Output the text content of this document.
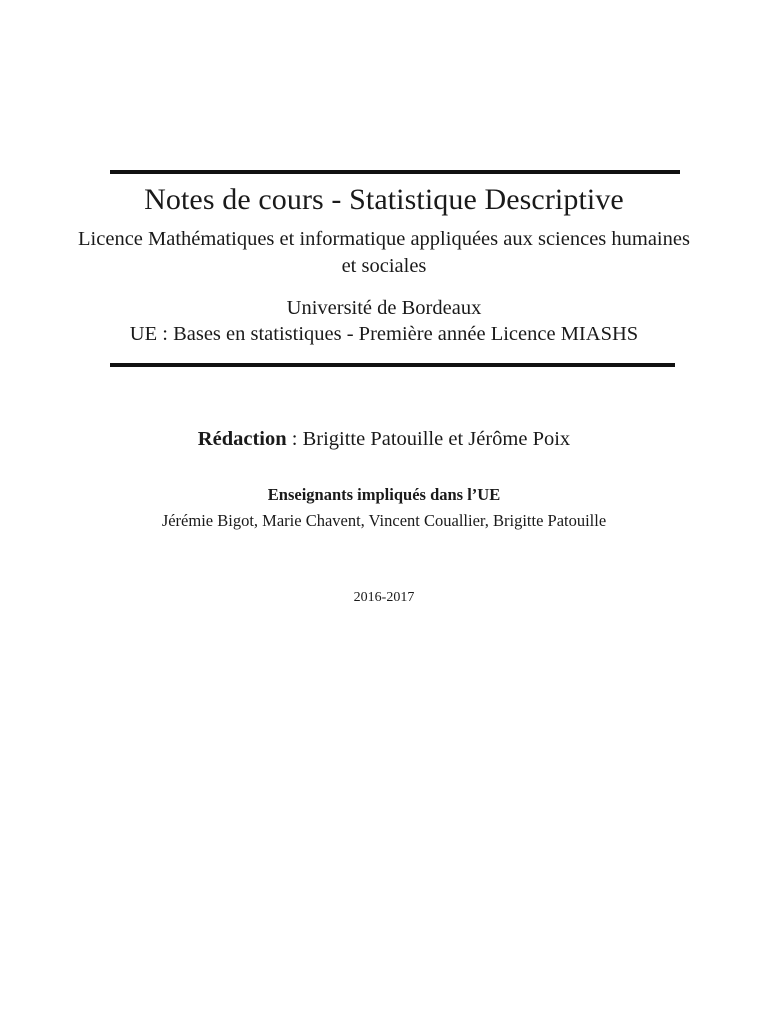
Notes de cours - Statistique Descriptive
Licence Mathématiques et informatique appliquées aux sciences humaines et sociales
Université de Bordeaux
UE : Bases en statistiques - Première année Licence MIASHS
Rédaction : Brigitte Patouille et Jérôme Poix
Enseignants impliqués dans l’UE
Jérémie Bigot, Marie Chavent, Vincent Couallier, Brigitte Patouille
2016-2017
